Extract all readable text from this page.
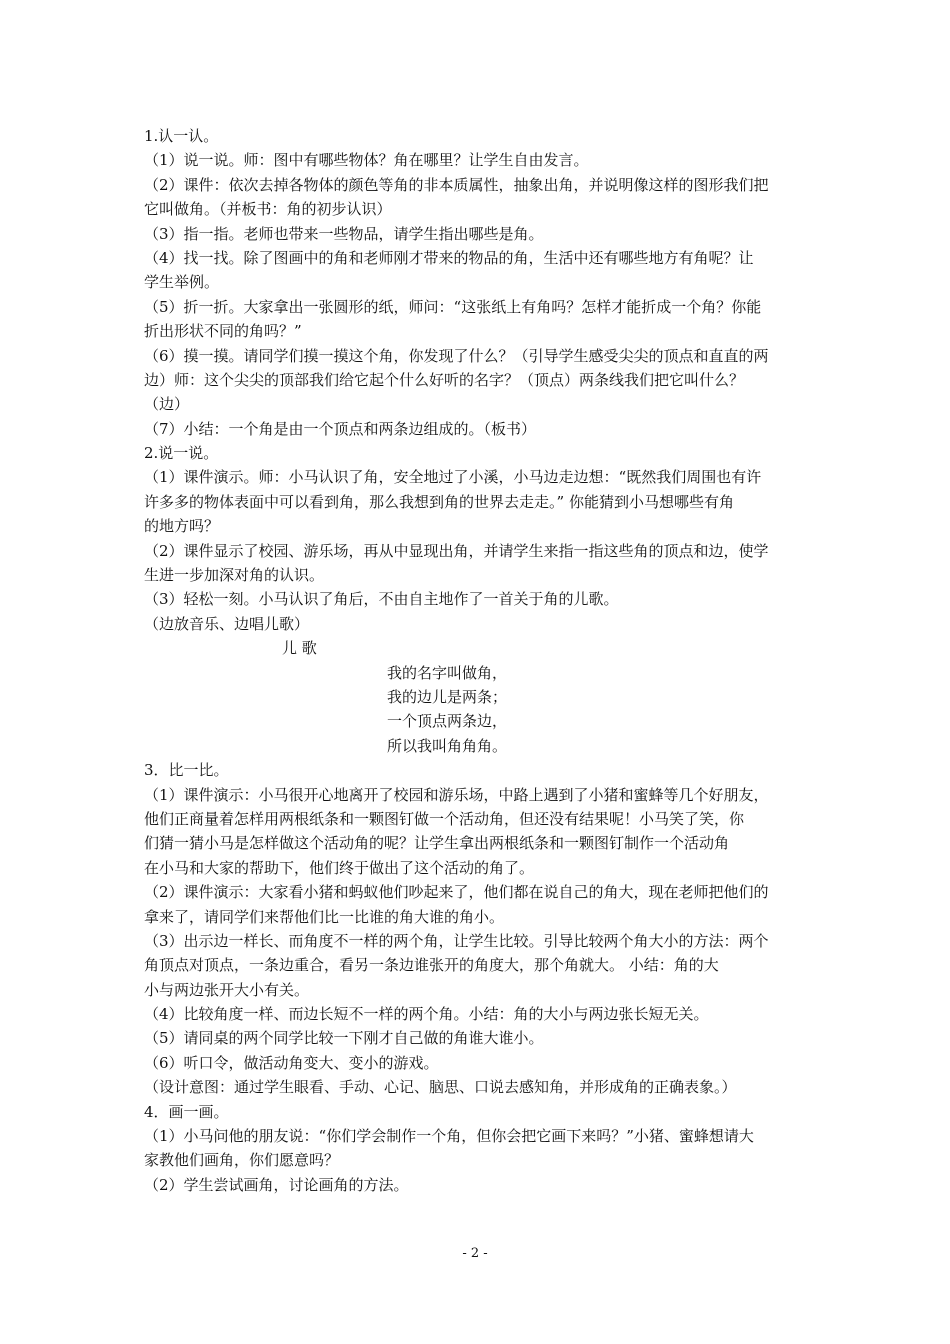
1.认一认。
（1）说一说。师：图中有哪些物体？角在哪里？让学生自由发言。
（2）课件：依次去掉各物体的颜色等角的非本质属性，抽象出角，并说明像这样的图形我们把
它叫做角。（并板书：角的初步认识）
（3）指一指。老师也带来一些物品，请学生指出哪些是角。
（4）找一找。除了图画中的角和老师刚才带来的物品的角，生活中还有哪些地方有角呢？让
学生举例。
（5）折一折。大家拿出一张圆形的纸，师问：“这张纸上有角吗？怎样才能折成一个角？你能
折出形状不同的角吗？”
（6）摸一摸。请同学们摸一摸这个角，你发现了什么？（引导学生感受尖尖的顶点和直直的两
边）师：这个尖尖的顶部我们给它起个什么好听的名字？（顶点）两条线我们把它叫什么？
（边）
（7）小结：一个角是由一个顶点和两条边组成的。（板书）
2.说一说。
（1）课件演示。师：小马认识了角，安全地过了小溪，小马边走边想：“既然我们周围也有许
许多多的物体表面中可以看到角，那么我想到角的世界去走走。” 你能猜到小马想哪些有角
的地方吗？
（2）课件显示了校园、游乐场，再从中显现出角，并请学生来指一指这些角的顶点和边，使学
生进一步加深对角的认识。
（3）轻松一刻。小马认识了角后，不由自主地作了一首关于角的儿歌。
（边放音乐、边唱儿歌）
儿 歌
我的名字叫做角，
我的边儿是两条；
一个顶点两条边，
所以我叫角角角。
3．比一比。
（1）课件演示：小马很开心地离开了校园和游乐场，中路上遇到了小猪和蜜蜂等几个好朋友，
他们正商量着怎样用两根纸条和一颗图钉做一个活动角，但还没有结果呢！小马笑了笑，你
们猜一猜小马是怎样做这个活动角的呢？让学生拿出两根纸条和一颗图钉制作一个活动角
在小马和大家的帮助下，他们终于做出了这个活动的角了。
（2）课件演示：大家看小猪和蚂蚁他们吵起来了，他们都在说自己的角大，现在老师把他们的
拿来了，请同学们来帮他们比一比谁的角大谁的角小。
（3）出示边一样长、而角度不一样的两个角，让学生比较。引导比较两个角大小的方法：两个
角顶点对顶点，一条边重合，看另一条边谁张开的角度大，那个角就大。 小结：角的大
小与两边张开大小有关。
（4）比较角度一样、而边长短不一样的两个角。小结：角的大小与两边张长短无关。
（5）请同桌的两个同学比较一下刚才自己做的角谁大谁小。
（6）听口令，做活动角变大、变小的游戏。
（设计意图：通过学生眼看、手动、心记、脑思、口说去感知角，并形成角的正确表象。）
4．画一画。
（1）小马问他的朋友说：“你们学会制作一个角，但你会把它画下来吗？”小猪、蜜蜂想请大
家教他们画角，你们愿意吗？
（2）学生尝试画角，讨论画角的方法。
- 2 -
